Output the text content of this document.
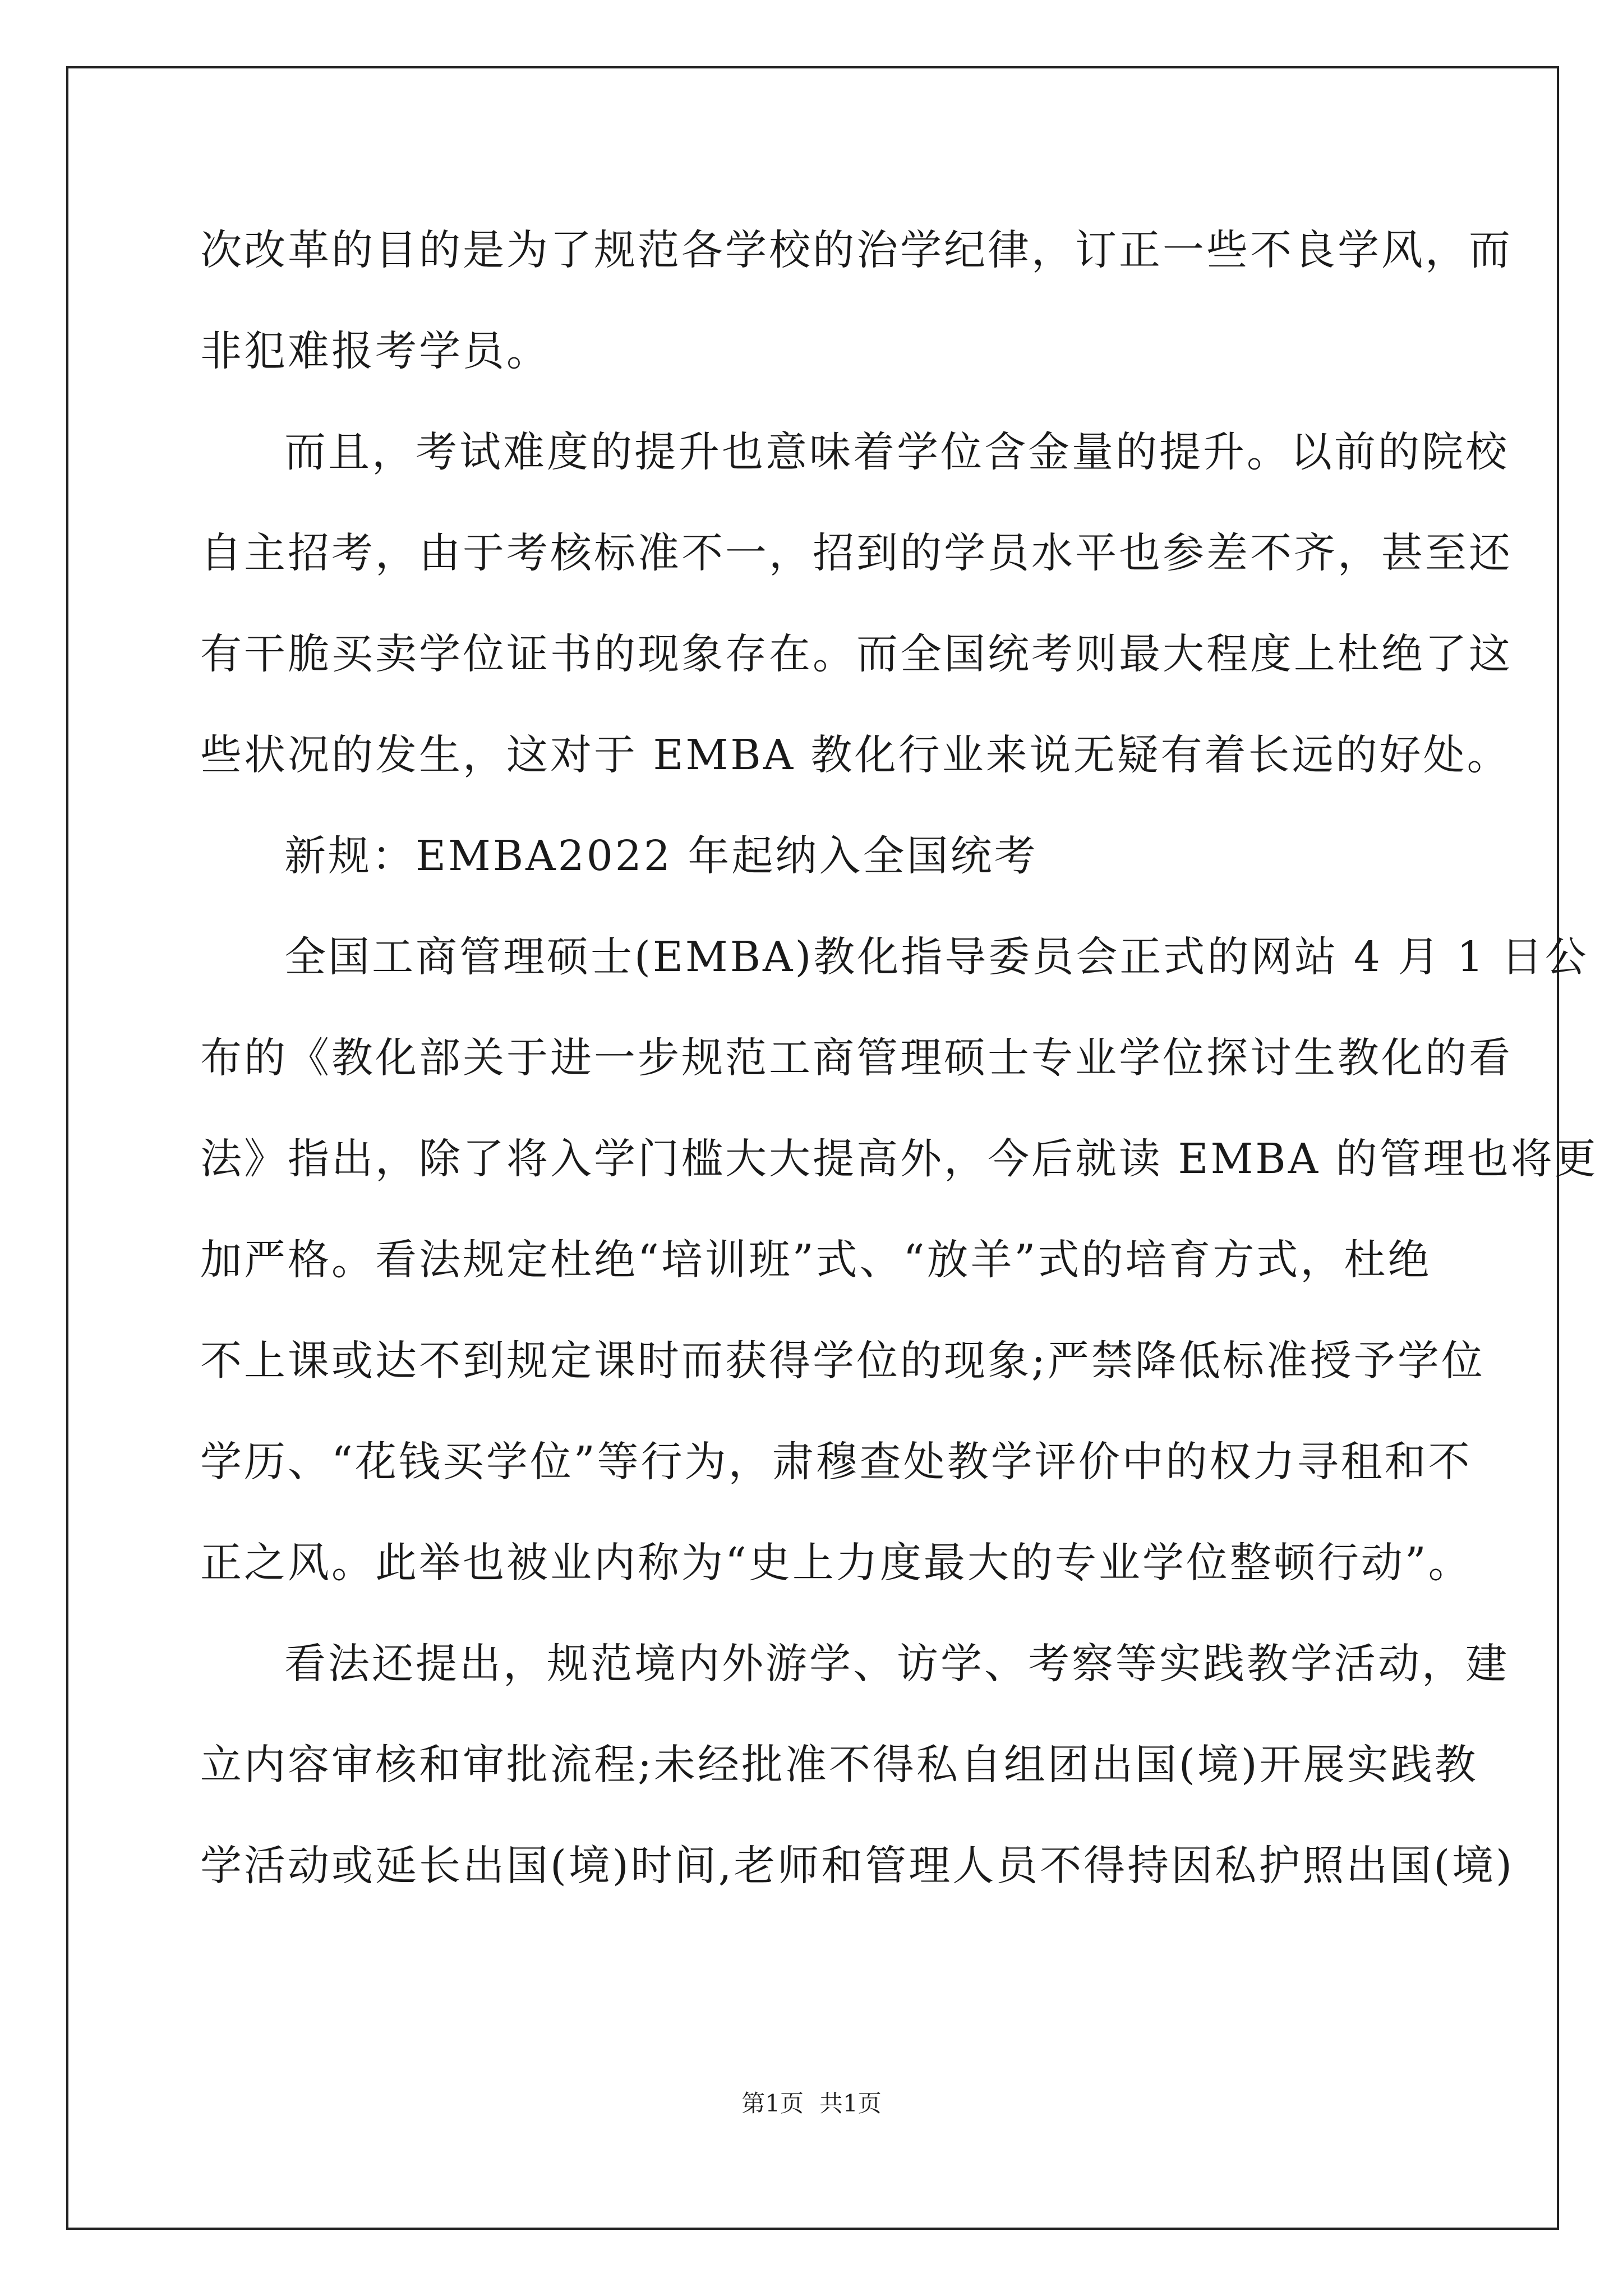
次改革的目的是为了规范各学校的治学纪律，订正一些不良学风，而
非犯难报考学员。
而且，考试难度的提升也意味着学位含金量的提升。以前的院校
自主招考，由于考核标准不一，招到的学员水平也参差不齐，甚至还
有干脆买卖学位证书的现象存在。而全国统考则最大程度上杜绝了这
些状况的发生，这对于 EMBA 教化行业来说无疑有着长远的好处。
新规：EMBA2022 年起纳入全国统考
全国工商管理硕士(EMBA)教化指导委员会正式的网站 4 月 1 日公
布的《教化部关于进一步规范工商管理硕士专业学位探讨生教化的看
法》指出，除了将入学门槛大大提高外，今后就读 EMBA 的管理也将更
加严格。看法规定杜绝“培训班”式、“放羊”式的培育方式，杜绝
不上课或达不到规定课时而获得学位的现象;严禁降低标准授予学位
学历、“花钱买学位”等行为，肃穆查处教学评价中的权力寻租和不
正之风。此举也被业内称为“史上力度最大的专业学位整顿行动”。
看法还提出，规范境内外游学、访学、考察等实践教学活动，建
立内容审核和审批流程;未经批准不得私自组团出国(境)开展实践教
学活动或延长出国(境)时间,老师和管理人员不得持因私护照出国(境)
第1页 共1页
